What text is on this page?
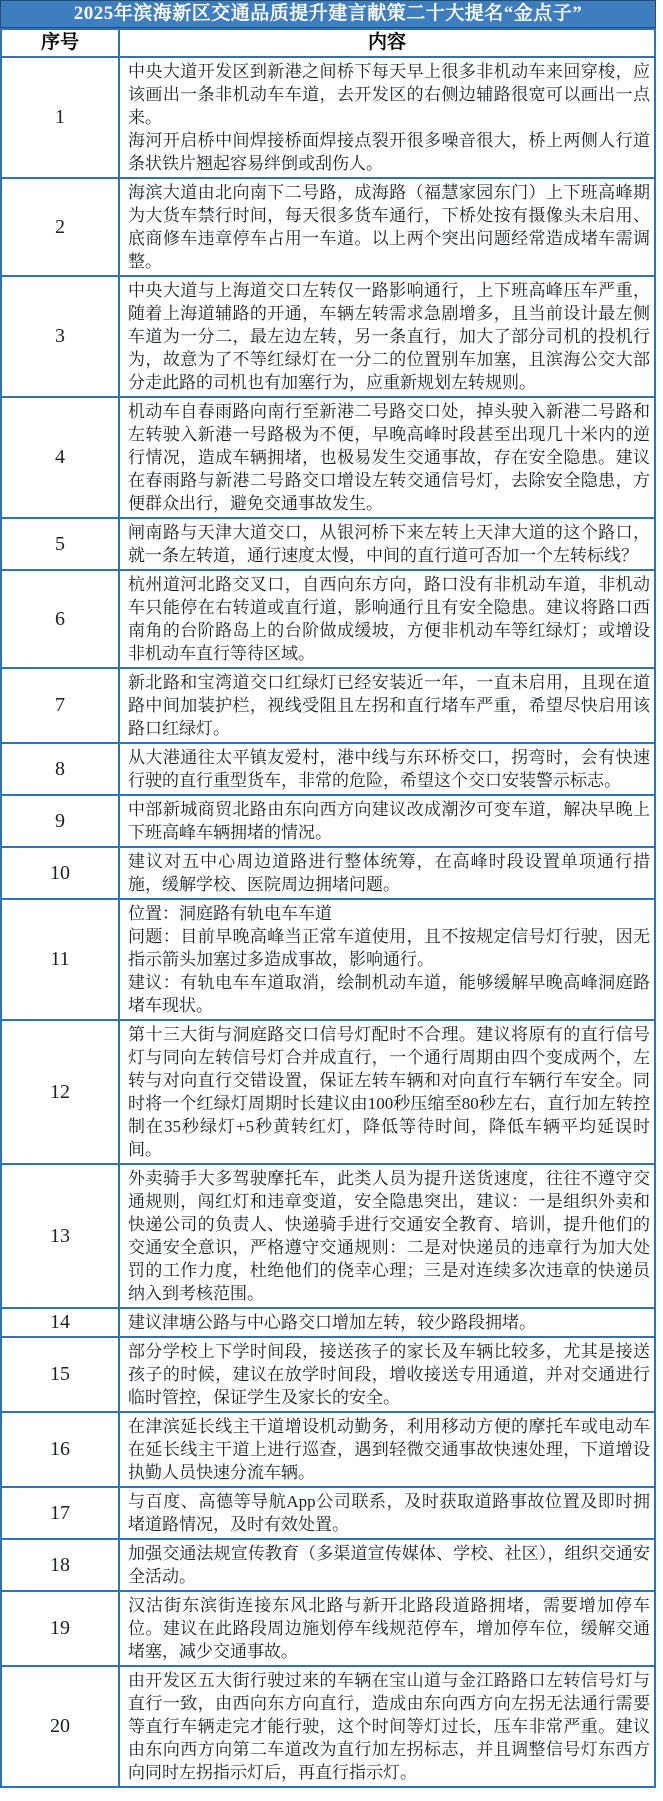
2025年滨海新区交通品质提升建言献策二十大提名“金点子”
序号	内容
1	中央大道开发区到新港之间桥下每天早上很多非机动车来回穿梭，应该画出一条非机动车车道，去开发区的右侧边辅路很宽可以画出一点来。

海河开启桥中间焊接桥面焊接点裂开很多噪音很大，桥上两侧人行道条状铁片翘起容易绊倒或刮伤人。

2	海滨大道由北向南下二号路，成海路（福慧家园东门）上下班高峰期为大货车禁行时间，每天很多货车通行，下桥处按有摄像头未启用、底商修车违章停车占用一车道。以上两个突出问题经常造成堵车需调整。

3	中央大道与上海道交口左转仅一路影响通行，上下班高峰压车严重，随着上海道辅路的开通，车辆左转需求急剧增多，且当前设计最左侧车道为一分二，最左边左转，另一条直行，加大了部分司机的投机行为，故意为了不等红绿灯在一分二的位置别车加塞，且滨海公交大部分走此路的司机也有加塞行为，应重新规划左转规则。

4	机动车自春雨路向南行至新港二号路交口处，掉头驶入新港二号路和左转驶入新港一号路极为不便，早晚高峰时段甚至出现几十米内的逆行情况，造成车辆拥堵，也极易发生交通事故，存在安全隐患。建议在春雨路与新港二号路交口增设左转交通信号灯，去除安全隐患，方便群众出行，避免交通事故发生。

5	闸南路与天津大道交口，从银河桥下来左转上天津大道的这个路口，就一条左转道，通行速度太慢，中间的直行道可否加一个左转标线？

6	杭州道河北路交叉口，自西向东方向，路口没有非机动车道，非机动车只能停在右转道或直行道，影响通行且有安全隐患。建议将路口西南角的台阶路岛上的台阶做成缓坡，方便非机动车等红绿灯；或增设非机动车直行等待区域。

7	新北路和宝湾道交口红绿灯已经安装近一年，一直未启用，且现在道路中间加装护栏，视线受阻且左拐和直行堵车严重，希望尽快启用该路口红绿灯。

8	从大港通往太平镇友爱村，港中线与东环桥交口，拐弯时，会有快速行驶的直行重型货车，非常的危险，希望这个交口安装警示标志。

9	中部新城商贸北路由东向西方向建议改成潮汐可变车道，解决早晚上下班高峰车辆拥堵的情况。

10	建议对五中心周边道路进行整体统筹，在高峰时段设置单项通行措施，缓解学校、医院周边拥堵问题。

11	位置：洞庭路有轨电车车道

问题：目前早晚高峰当正常车道使用，且不按规定信号灯行驶，因无指示箭头加塞过多造成事故，影响通行。

建议：有轨电车车道取消，绘制机动车道，能够缓解早晚高峰洞庭路堵车现状。

12	第十三大街与洞庭路交口信号灯配时不合理。建议将原有的直行信号灯与同向左转信号灯合并成直行，一个通行周期由四个变成两个，左转与对向直行交错设置，保证左转车辆和对向直行车辆行车安全。同时将一个红绿灯周期时长建议由100秒压缩至80秒左右，直行加左转控制在35秒绿灯+5秒黄转红灯，降低等待时间，降低车辆平均延误时间。

13	外卖骑手大多驾驶摩托车，此类人员为提升送货速度，往往不遵守交通规则，闯红灯和违章变道，安全隐患突出，建议：一是组织外卖和快递公司的负责人、快递骑手进行交通安全教育、培训，提升他们的交通安全意识，严格遵守交通规则：二是对快递员的违章行为加大处罚的工作力度，杜绝他们的侥幸心理；三是对连续多次违章的快递员纳入到考核范围。

14	建议津塘公路与中心路交口增加左转，较少路段拥堵。

15	部分学校上下学时间段，接送孩子的家长及车辆比较多，尤其是接送孩子的时候，建议在放学时间段，增收接送专用通道，并对交通进行临时管控，保证学生及家长的安全。

16	在津滨延长线主干道增设机动勤务，利用移动方便的摩托车或电动车在延长线主干道上进行巡查，遇到轻微交通事故快速处理，下道增设执勤人员快速分流车辆。

17	与百度、高德等导航App公司联系，及时获取道路事故位置及即时拥堵道路情况，及时有效处置。

18	加强交通法规宣传教育（多渠道宣传媒体、学校、社区），组织交通安全活动。

19	汉沽街东滨街连接东风北路与新开北路段道路拥堵，需要增加停车位。建议在此路段周边施划停车线规范停车，增加停车位，缓解交通堵塞，减少交通事故。

20	由开发区五大街行驶过来的车辆在宝山道与金江路路口左转信号灯与直行一致，由西向东方向直行，造成由东向西方向左拐无法通行需要等直行车辆走完才能行驶，这个时间等灯过长，压车非常严重。建议由东向西方向第二车道改为直行加左拐标志，并且调整信号灯东西方向同时左拐指示灯后，再直行指示灯。
